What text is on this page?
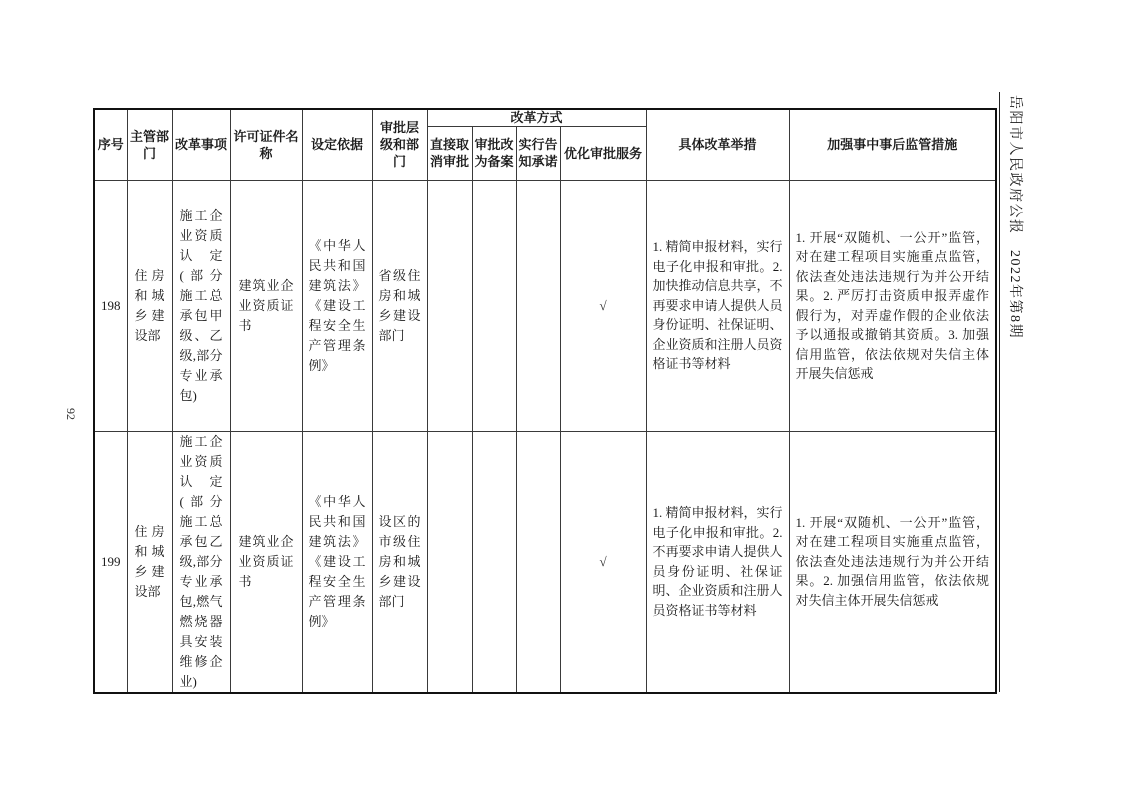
序号	主管部门	改革事项	许可证件名称	设定依据	审批层级和部门	改革方式				具体改革举措	加强事中事后监管措施
						直接取消审批	审批改为备案	实行告知承诺	优化审批服务		
198	住房和城乡建设部	施工企业资质认定(部分施工总承包甲级、乙级,部分专业承包)	建筑业企业资质证书	《中华人民共和国建筑法》《建设工程安全生产管理条例》	省级住房和城乡建设部门				√	1. 精简申报材料，实行电子化申报和审批。2. 加快推动信息共享，不再要求申请人提供人员身份证明、社保证明、企业资质和注册人员资格证书等材料	1. 开展“双随机、一公开”监管，对在建工程项目实施重点监管，依法查处违法违规行为并公开结果。2. 严厉打击资质申报弄虚作假行为，对弄虚作假的企业依法予以通报或撤销其资质。3. 加强信用监管，依法依规对失信主体开展失信惩戒

199	住房和城乡建设部	施工企业资质认定(部分施工总承包乙级,部分专业承包,燃气燃烧器具安装维修企业)	建筑业企业资质证书	《中华人民共和国建筑法》《建设工程安全生产管理条例》	设区的市级住房和城乡建设部门				√	1. 精简申报材料，实行电子化申报和审批。2. 不再要求申请人提供人员身份证明、社保证明、企业资质和注册人员资格证书等材料	1. 开展“双随机、一公开”监管，对在建工程项目实施重点监管，依法查处违法违规行为并公开结果。2. 加强信用监管，依法依规对失信主体开展失信惩戒
岳阳市人民政府公报　2022年第8期
92
